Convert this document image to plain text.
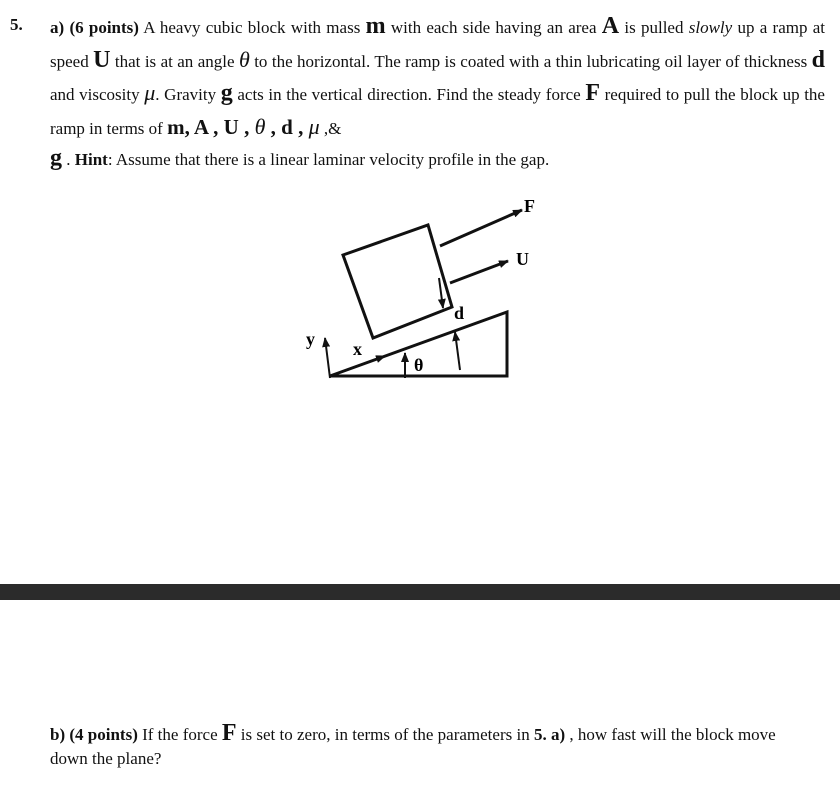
5. a) (6 points) A heavy cubic block with mass m with each side having an area A is pulled slowly up a ramp at speed U that is at an angle θ to the horizontal. The ramp is coated with a thin lubricating oil layer of thickness d and viscosity μ. Gravity g acts in the vertical direction. Find the steady force F required to pull the block up the ramp in terms of m, A , U , θ , d , μ ,&
g . Hint: Assume that there is a linear laminar velocity profile in the gap.
F
U
d
y x
θ
b) (4 points) If the force F is set to zero, in terms of the parameters in 5. a) , how fast will the block move down the plane?
